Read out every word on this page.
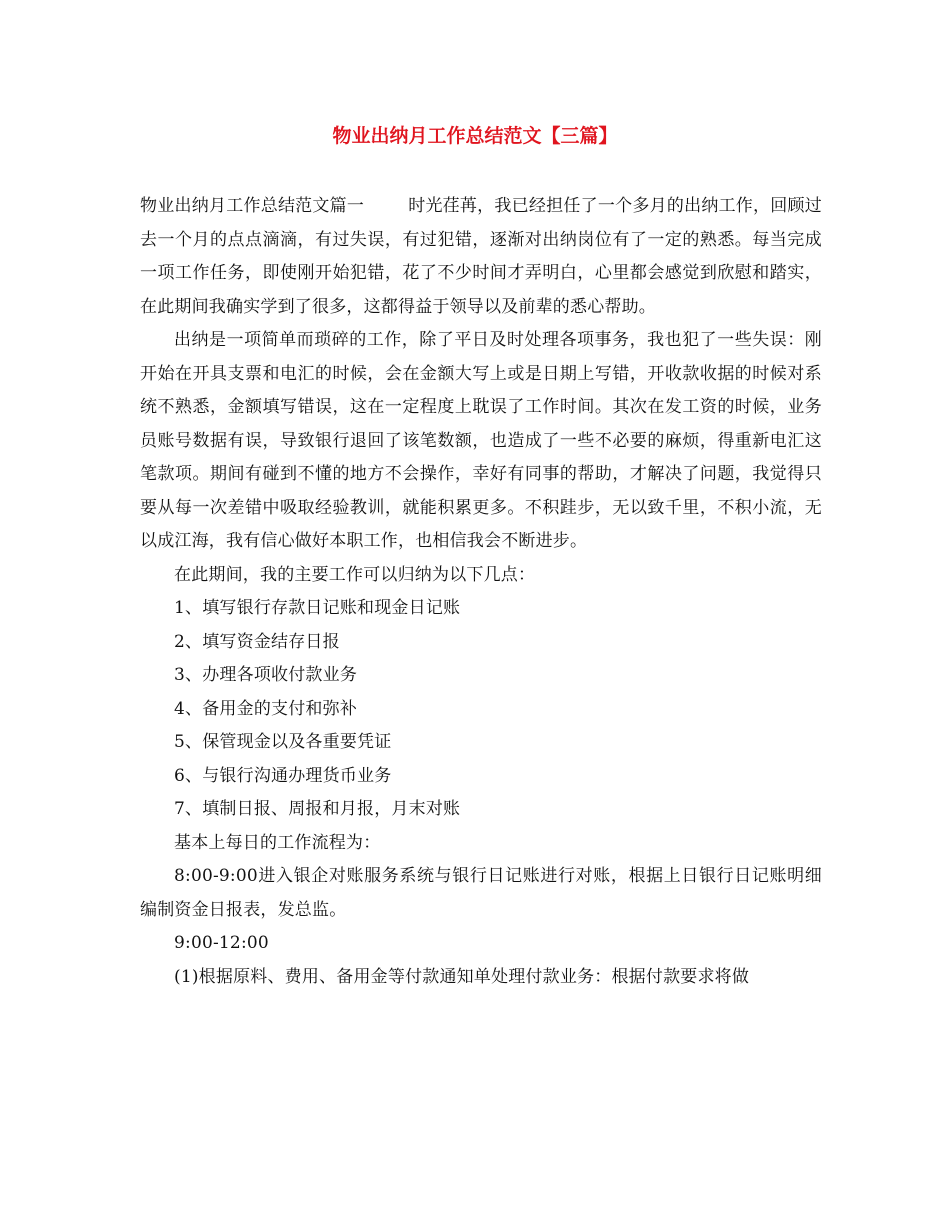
物业出纳月工作总结范文【三篇】

物业出纳月工作总结范文篇一	时光荏苒，我已经担任了一个多月的出纳工作，回顾过去一个月的点点滴滴，有过失误，有过犯错，逐渐对出纳岗位有了一定的熟悉。每当完成一项工作任务，即使刚开始犯错，花了不少时间才弄明白，心里都会感觉到欣慰和踏实，在此期间我确实学到了很多，这都得益于领导以及前辈的悉心帮助。

出纳是一项简单而琐碎的工作，除了平日及时处理各项事务，我也犯了一些失误：刚开始在开具支票和电汇的时候，会在金额大写上或是日期上写错，开收款收据的时候对系统不熟悉，金额填写错误，这在一定程度上耽误了工作时间。其次在发工资的时候，业务员账号数据有误，导致银行退回了该笔数额，也造成了一些不必要的麻烦，得重新电汇这笔款项。期间有碰到不懂的地方不会操作，幸好有同事的帮助，才解决了问题，我觉得只要从每一次差错中吸取经验教训，就能积累更多。不积跬步，无以致千里，不积小流，无以成江海，我有信心做好本职工作，也相信我会不断进步。

在此期间，我的主要工作可以归纳为以下几点：

1、填写银行存款日记账和现金日记账

2、填写资金结存日报

3、办理各项收付款业务

4、备用金的支付和弥补

5、保管现金以及各重要凭证

6、与银行沟通办理货币业务

7、填制日报、周报和月报，月末对账

基本上每日的工作流程为：

8:00-9:00进入银企对账服务系统与银行日记账进行对账，根据上日银行日记账明细编制资金日报表，发总监。

9:00-12:00

(1)根据原料、费用、备用金等付款通知单处理付款业务：根据付款要求将做
